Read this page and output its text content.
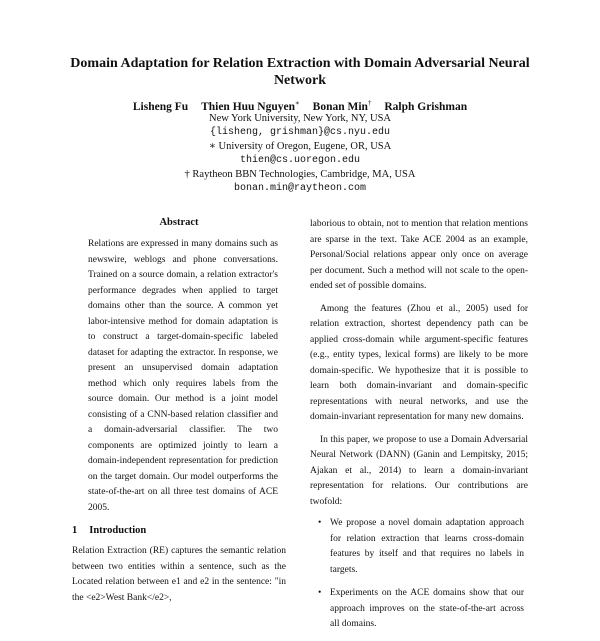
Domain Adaptation for Relation Extraction with Domain Adversarial Neural Network
Lisheng Fu Thien Huu Nguyen∗ Bonan Min† Ralph Grishman
New York University, New York, NY, USA
{lisheng, grishman}@cs.nyu.edu
∗ University of Oregon, Eugene, OR, USA
thien@cs.uoregon.edu
† Raytheon BBN Technologies, Cambridge, MA, USA
bonan.min@raytheon.com
Abstract

Relations are expressed in many domains such as newswire, weblogs and phone conversations. Trained on a source domain, a relation extractor's performance degrades when applied to target domains other than the source. A common yet labor-intensive method for domain adaptation is to construct a target-domain-specific labeled dataset for adapting the extractor. In response, we present an unsupervised domain adaptation method which only requires labels from the source domain. Our method is a joint model consisting of a CNN-based relation classifier and a domain-adversarial classifier. The two components are optimized jointly to learn a domain-independent representation for prediction on the target domain. Our model outperforms the state-of-the-art on all three test domains of ACE 2005.

1 Introduction

Relation Extraction (RE) captures the semantic relation between two entities within a sentence, such as the Located relation between e1 and e2 in the sentence: "in the <e2>West Bank</e2>,

laborious to obtain, not to mention that relation mentions are sparse in the text. Take ACE 2004 as an example, Personal/Social relations appear only once on average per document. Such a method will not scale to the open-ended set of possible domains.

Among the features (Zhou et al., 2005) used for relation extraction, shortest dependency path can be applied cross-domain while argument-specific features (e.g., entity types, lexical forms) are likely to be more domain-specific. We hypothesize that it is possible to learn both domain-invariant and domain-specific representations with neural networks, and use the domain-invariant representation for many new domains.

In this paper, we propose to use a Domain Adversarial Neural Network (DANN) (Ganin and Lempitsky, 2015; Ajakan et al., 2014) to learn a domain-invariant representation for relations. Our contributions are twofold:

• We propose a novel domain adaptation approach for relation extraction that learns cross-domain features by itself and that requires no labels in targets.
• Experiments on the ACE domains show that our approach improves on the state-of-the-art across all domains.
